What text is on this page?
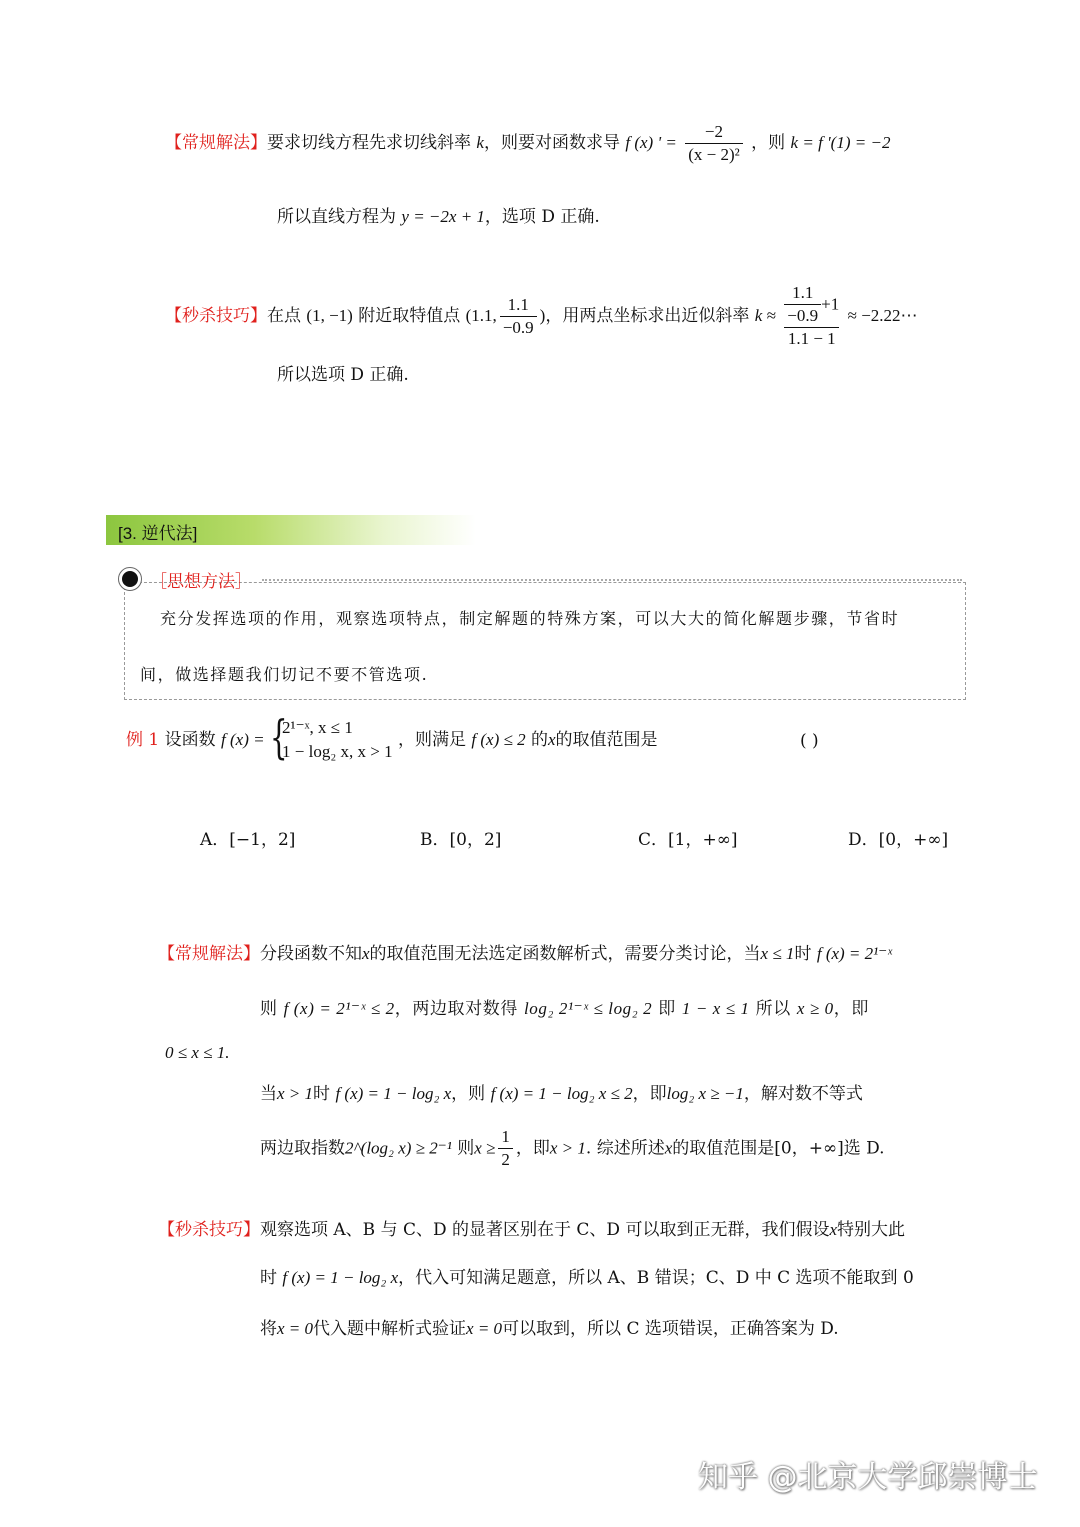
【常规解法】要求切线方程先求切线斜率 k，则要对函数求导 f (x) ' = $\frac{-2}{\text{(x − 2)²}}$ ，则 k = f '(1) = −2
所以直线方程为 y = −2x + 1，选项 D 正确.
【秒杀技巧】在点 (1, −1) 附近取特值点 (1.1, $\frac{1.1}{-0.9}$ )，用两点坐标求出近似斜率 $k \approx \frac{\frac{1.1}{-0.9} +1}{1.1 - 1}$ ≈ −2.22⋯
所以选项 D 正确.
[3. 逆代法]
［思想方法］
充分发挥选项的作用，观察选项特点，制定解题的特殊方案，可以大大的简化解题步骤，节省时
间，做选择题我们切记不要不管选项.
例 1 设函数 f (x) = {
2¹⁻ˣ, x ≤ 1
1 − log₂ x, x > 1
，则满足 f (x) ≤ 2 的x的取值范围是	( )
A．[−1，2]	B．[0，2]	C．[1，+∞]	D．[0，+∞]
【常规解法】分段函数不知x的取值范围无法选定函数解析式，需要分类讨论，当x ≤ 1时 f (x) = 2¹⁻ˣ
则 f (x) = 2¹⁻ˣ ≤ 2，两边取对数得 log₂ 2¹⁻ˣ ≤ log₂ 2 即 1 − x ≤ 1 所以 x ≥ 0，即
0 ≤ x ≤ 1.
当x > 1时 f (x) = 1 − log₂ x，则 f (x) = 1 − log₂ x ≤ 2，即log₂ x ≥ −1，解对数不等式
两边取指数2^(log₂ x) ≥ 2⁻¹ 则$x \ge \frac{1}{2}$ ，即x > 1. 综述所述x的取值范围是[0，+∞]选 D.
【秒杀技巧】观察选项 A、B 与 C、D 的显著区别在于 C、D 可以取到正无群，我们假设x特别大此
时 f (x) = 1 − log₂ x，代入可知满足题意，所以 A、B 错误；C、D 中 C 选项不能取到 0
将x = 0代入题中解析式验证x = 0可以取到，所以 C 选项错误，正确答案为 D.
知乎 @北京大学邱崇博士
